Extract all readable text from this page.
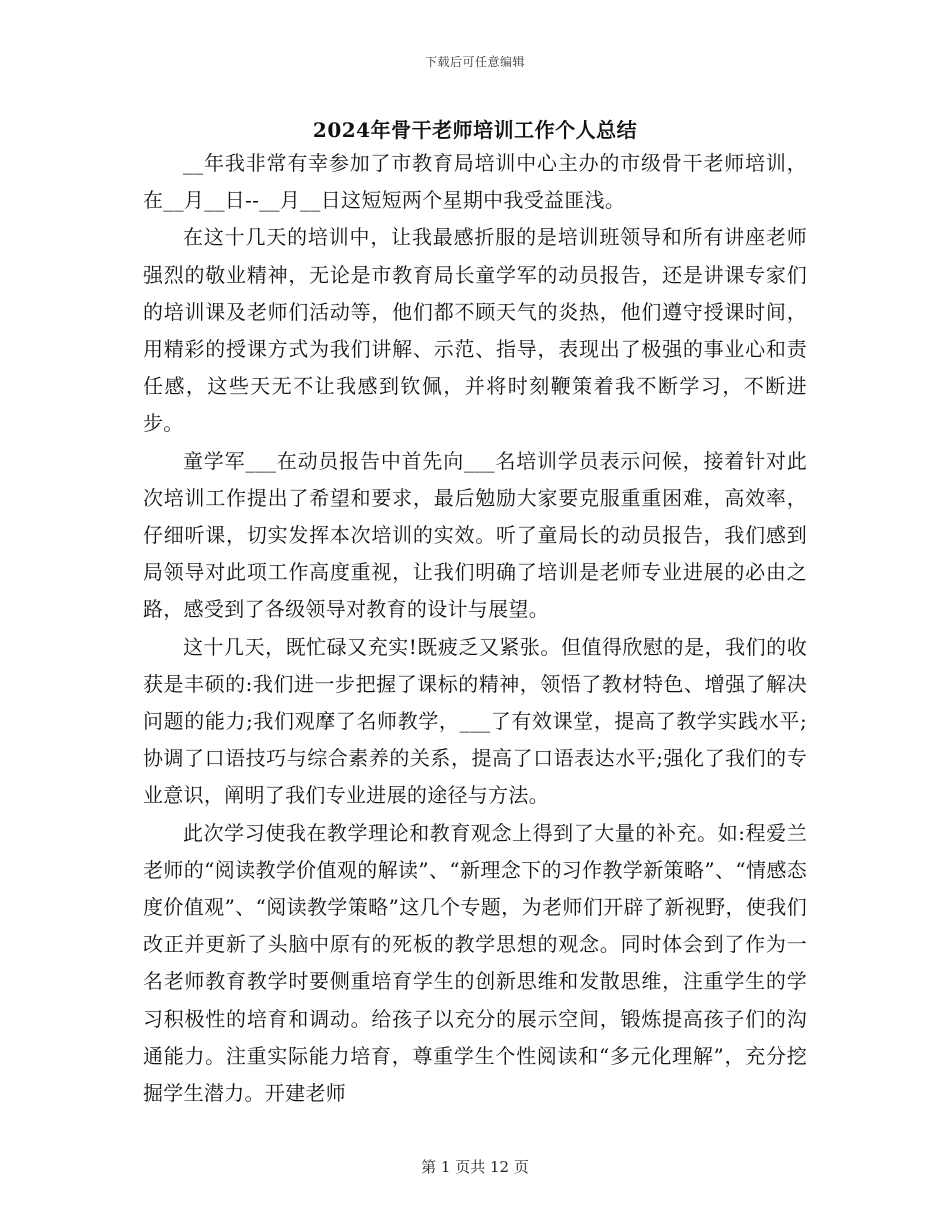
下载后可任意编辑
2024年骨干老师培训工作个人总结

__年我非常有幸参加了市教育局培训中心主办的市级骨干老师培训，在__月__日--__月__日这短短两个星期中我受益匪浅。

在这十几天的培训中，让我最感折服的是培训班领导和所有讲座老师强烈的敬业精神，无论是市教育局长童学军的动员报告，还是讲课专家们的培训课及老师们活动等，他们都不顾天气的炎热，他们遵守授课时间，用精彩的授课方式为我们讲解、示范、指导，表现出了极强的事业心和责任感，这些天无不让我感到钦佩，并将时刻鞭策着我不断学习，不断进步。

童学军___在动员报告中首先向___名培训学员表示问候，接着针对此次培训工作提出了希望和要求，最后勉励大家要克服重重困难，高效率，仔细听课，切实发挥本次培训的实效。听了童局长的动员报告，我们感到局领导对此项工作高度重视，让我们明确了培训是老师专业进展的必由之路，感受到了各级领导对教育的设计与展望。

这十几天，既忙碌又充实!既疲乏又紧张。但值得欣慰的是，我们的收获是丰硕的:我们进一步把握了课标的精神，领悟了教材特色、增强了解决问题的能力;我们观摩了名师教学，___了有效课堂，提高了教学实践水平;协调了口语技巧与综合素养的关系，提高了口语表达水平;强化了我们的专业意识，阐明了我们专业进展的途径与方法。

此次学习使我在教学理论和教育观念上得到了大量的补充。如:程爱兰老师的“阅读教学价值观的解读”、“新理念下的习作教学新策略”、“情感态度价值观”、“阅读教学策略”这几个专题，为老师们开辟了新视野，使我们改正并更新了头脑中原有的死板的教学思想的观念。同时体会到了作为一名老师教育教学时要侧重培育学生的创新思维和发散思维，注重学生的学习积极性的培育和调动。给孩子以充分的展示空间，锻炼提高孩子们的沟通能力。注重实际能力培育，尊重学生个性阅读和“多元化理解”，充分挖掘学生潜力。开建老师

第 1 页共 12 页
